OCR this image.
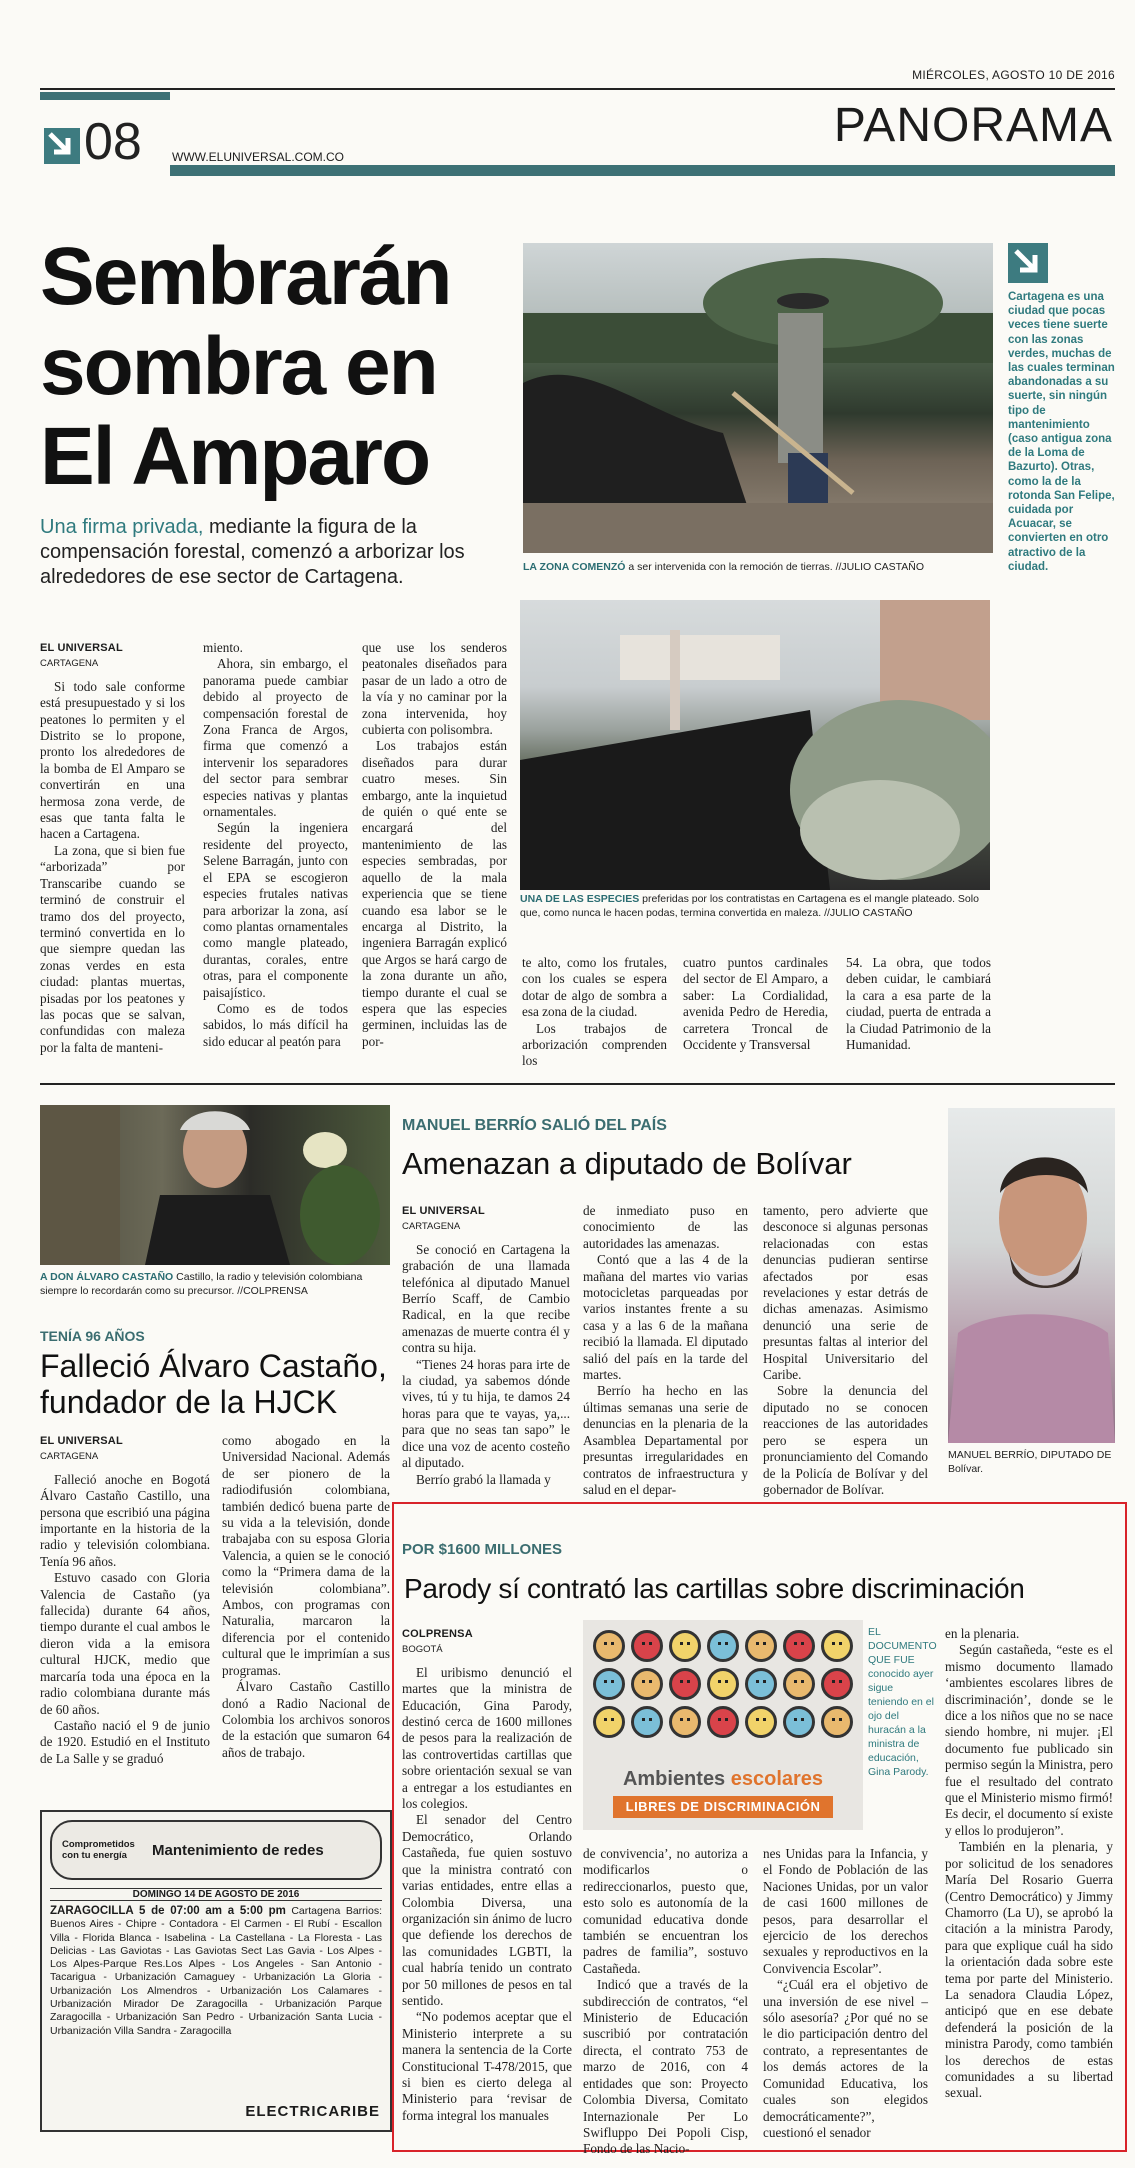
MIÉRCOLES, AGOSTO 10 DE 2016
08	WWW.ELUNIVERSAL.COM.CO
PANORAMA
Sembrarán
sombra en
El Amparo
Una firma privada, mediante la figura de la compensación forestal, comenzó a arborizar los alrededores de ese sector de Cartagena.	LA ZONA COMENZÓ a ser intervenida con la remoción de tierras. //JULIO CASTAÑO
Cartagena es una ciudad que pocas veces tiene suerte con las zonas verdes, muchas de las cuales terminan abandonadas a su suerte, sin ningún tipo de mantenimiento (caso antigua zona de la Loma de Bazurto). Otras, como la de la rotonda San Felipe, cuidada por Acuacar, se convierten en otro atractivo de la ciudad.
UNA DE LAS ESPECIES preferidas por los contratistas en Cartagena es el mangle plateado. Solo que, como nunca le hacen podas, termina convertida en maleza. //JULIO CASTAÑO
EL UNIVERSAL
CARTAGENA

Si todo sale conforme está presupuestado y si los peatones lo permiten y el Distrito se lo propone, pronto los alrededores de la bomba de El Amparo se convertirán en una hermosa zona verde, de esas que tanta falta le hacen a Cartagena.

La zona, que si bien fue “arborizada” por Transcaribe cuando se terminó de construir el tramo dos del proyecto, terminó convertida en lo que siempre quedan las zonas verdes en esta ciudad: plantas muertas, pisadas por los peatones y las pocas que se salvan, confundidas con maleza por la falta de manteni-

miento.

Ahora, sin embargo, el panorama puede cambiar debido al proyecto de compensación forestal de Zona Franca de Argos, firma que comenzó a intervenir los separadores del sector para sembrar especies nativas y plantas ornamentales.

Según la ingeniera residente del proyecto, Selene Barragán, junto con el EPA se escogieron especies frutales nativas para arborizar la zona, así como plantas ornamentales como mangle plateado, durantas, corales, entre otras, para el componente paisajístico.

Como es de todos sabidos, lo más difícil ha sido educar al peatón para

que use los senderos peatonales diseñados para pasar de un lado a otro de la vía y no caminar por la zona intervenida, hoy cubierta con polisombra.

Los trabajos están diseñados para durar cuatro meses. Sin embargo, ante la inquietud de quién o qué ente se encargará del mantenimiento de las especies sembradas, por aquello de la mala experiencia que se tiene cuando esa labor se le encarga al Distrito, la ingeniera Barragán explicó que Argos se hará cargo de la zona durante un año, tiempo durante el cual se espera que las especies germinen, incluidas las de por-

te alto, como los frutales, con los cuales se espera dotar de algo de sombra a esa zona de la ciudad.

Los trabajos de arborización comprenden los

cuatro puntos cardinales del sector de El Amparo, a saber: La Cordialidad, avenida Pedro de Heredia, carretera Troncal de Occidente y Transversal

54. La obra, que todos deben cuidar, le cambiará la cara a esa parte de la ciudad, puerta de entrada a la Ciudad Patrimonio de la Humanidad.

A DON ÁLVARO CASTAÑO Castillo, la radio y televisión colombiana siempre lo recordarán como su precursor. //COLPRENSA
TENÍA 96 AÑOS
Falleció Álvaro Castaño,
fundador de la HJCK
EL UNIVERSAL
CARTAGENA

Falleció anoche en Bogotá Álvaro Castaño Castillo, una persona que escribió una página importante en la historia de la radio y televisión colombiana. Tenía 96 años.

Estuvo casado con Gloria Valencia de Castaño (ya fallecida) durante 64 años, tiempo durante el cual ambos le dieron vida a la emisora cultural HJCK, medio que marcaría toda una época en la radio colombiana durante más de 60 años.

Castaño nació el 9 de junio de 1920. Estudió en el Instituto de La Salle y se graduó

como abogado en la Universidad Nacional. Además de ser pionero de la radiodifusión colombiana, también dedicó buena parte de su vida a la televisión, donde trabajaba con su esposa Gloria Valencia, a quien se le conoció como la “Primera dama de la televisión colombiana”. Ambos, con programas con Naturalia, marcaron la diferencia por el contenido cultural que le imprimían a sus programas.

Álvaro Castaño Castillo donó a Radio Nacional de Colombia los archivos sonoros de la estación que sumaron 64 años de trabajo.

Comprometidos con tu energía	Mantenimiento de redes
DOMINGO 14 DE AGOSTO DE 2016
ZARAGOCILLA 5 de 07:00 am a 5:00 pm Cartagena Barrios: Buenos Aires - Chipre - Contadora - El Carmen - El Rubí - Escallon Villa - Florida Blanca - Isabelina - La Castellana - La Floresta - Las Delicias - Las Gaviotas - Las Gaviotas Sect Las Gavia - Los Alpes - Los Alpes-Parque Res.Los Alpes - Los Angeles - San Antonio - Tacarigua - Urbanización Camaguey - Urbanización La Gloria - Urbanización Los Almendros - Urbanización Los Calamares - Urbanización Mirador De Zaragocilla - Urbanización Parque Zaragocilla - Urbanización San Pedro - Urbanización Santa Lucia - Urbanización Villa Sandra - Zaragocilla
ELECTRICARIBE
MANUEL BERRÍO SALIÓ DEL PAÍS
Amenazan a diputado de Bolívar
EL UNIVERSAL
CARTAGENA

Se conoció en Cartagena la grabación de una llamada telefónica al diputado Manuel Berrío Scaff, de Cambio Radical, en la que recibe amenazas de muerte contra él y contra su hija.

“Tienes 24 horas para irte de la ciudad, ya sabemos dónde vives, tú y tu hija, te damos 24 horas para que te vayas, ya,... para que no seas tan sapo” le dice una voz de acento costeño al diputado.

Berrío grabó la llamada y

de inmediato puso en conocimiento de las autoridades las amenazas.

Contó que a las 4 de la mañana del martes vio varias motocicletas parqueadas por varios instantes frente a su casa y a las 6 de la mañana recibió la llamada. El diputado salió del país en la tarde del martes.

Berrío ha hecho en las últimas semanas una serie de denuncias en la plenaria de la Asamblea Departamental por presuntas irregularidades en contratos de infraestructura y salud en el depar-

tamento, pero advierte que desconoce si algunas personas relacionadas con estas denuncias pudieran sentirse afectados por esas revelaciones y estar detrás de dichas amenazas. Asimismo denunció una serie de presuntas faltas al interior del Hospital Universitario del Caribe.

Sobre la denuncia del diputado no se conocen reacciones de las autoridades pero se espera un pronunciamiento del Comando de la Policía de Bolívar y del gobernador de Bolívar.

MANUEL BERRÍO, DIPUTADO DE Bolívar.
POR $1600 MILLONES
Parody sí contrató las cartillas sobre discriminación
Ambientes escolares
LIBRES DE DISCRIMINACIÓN
EL DOCUMENTO QUE FUE conocido ayer sigue teniendo en el ojo del huracán a la ministra de educación, Gina Parody.
COLPRENSA
BOGOTÁ

El uribismo denunció el martes que la ministra de Educación, Gina Parody, destinó cerca de 1600 millones de pesos para la realización de las controvertidas cartillas que sobre orientación sexual se van a entregar a los estudiantes en los colegios.

El senador del Centro Democrático, Orlando Castañeda, fue quien sostuvo que la ministra contrató con varias entidades, entre ellas a Colombia Diversa, una organización sin ánimo de lucro que defiende los derechos de las comunidades LGBTI, la cual habría tenido un contrato por 50 millones de pesos en tal sentido.

“No podemos aceptar que el Ministerio interprete a su manera la sentencia de la Corte Constitucional T-478/2015, que si bien es cierto delega al Ministerio para ‘revisar de forma integral los manuales

de convivencia’, no autoriza a modificarlos o redireccionarlos, puesto que, esto solo es autonomía de la comunidad educativa donde también se encuentran los padres de familia”, sostuvo Castañeda.

Indicó que a través de la subdirección de contratos, “el Ministerio de Educación suscribió por contratación directa, el contrato 753 de marzo de 2016, con 4 entidades que son: Proyecto Colombia Diversa, Comitato Internazionale Per Lo Swifluppo Dei Popoli Cisp, Fondo de las Nacio-

nes Unidas para la Infancia, y el Fondo de Población de las Naciones Unidas, por un valor de casi 1600 millones de pesos, para desarrollar el ejercicio de los derechos sexuales y reproductivos en la Convivencia Escolar”.

“¿Cuál era el objetivo de una inversión de ese nivel – sólo asesoría? ¿Por qué no se le dio participación dentro del contrato, a representantes de los demás actores de la Comunidad Educativa, los cuales son elegidos democráticamente?”, cuestionó el senador

en la plenaria.

Según castañeda, “este es el mismo documento llamado ‘ambientes escolares libres de discriminación’, donde se le dice a los niños que no se nace siendo hombre, ni mujer. ¡El documento fue publicado sin permiso según la Ministra, pero fue el resultado del contrato que el Ministerio mismo firmó! Es decir, el documento sí existe y ellos lo produjeron”.

También en la plenaria, y por solicitud de los senadores María Del Rosario Guerra (Centro Democrático) y Jimmy Chamorro (La U), se aprobó la citación a la ministra Parody, para que explique cuál ha sido la orientación dada sobre este tema por parte del Ministerio. La senadora Claudia López, anticipó que en ese debate defenderá la posición de la ministra Parody, como también los derechos de estas comunidades a su libertad sexual.
